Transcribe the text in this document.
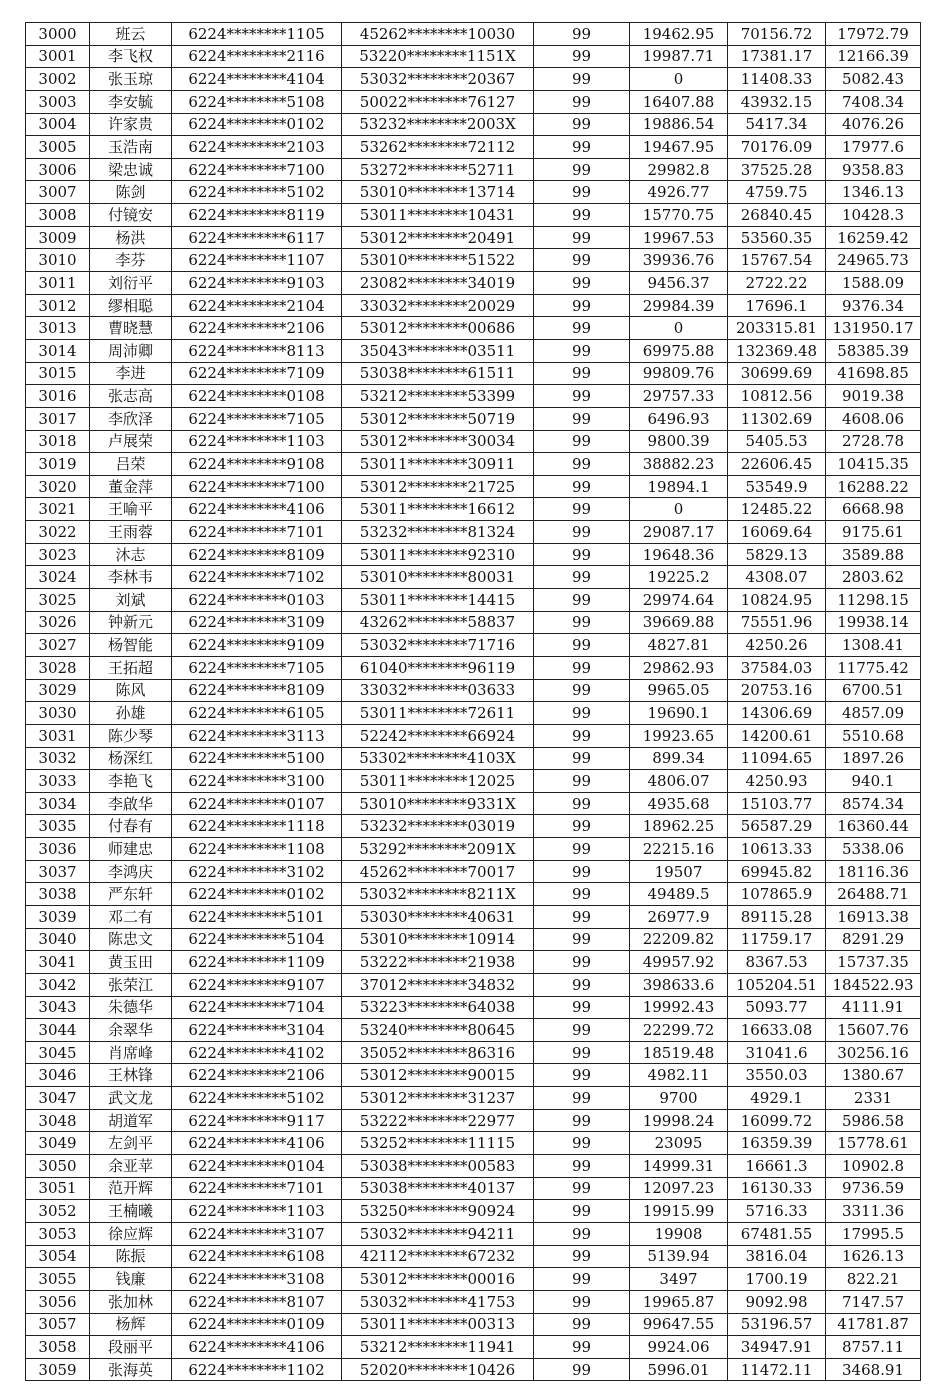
3000	班云	6224********1105	45262********10030	99	19462.95	70156.72	17972.79
3001	李飞权	6224********2116	53220********1151X	99	19987.71	17381.17	12166.39
3002	张玉琼	6224********4104	53032********20367	99	0	11408.33	5082.43
3003	李安毓	6224********5108	50022********76127	99	16407.88	43932.15	7408.34
3004	许家贵	6224********0102	53232********2003X	99	19886.54	5417.34	4076.26
3005	玉浩南	6224********2103	53262********72112	99	19467.95	70176.09	17977.6
3006	梁忠诚	6224********7100	53272********52711	99	29982.8	37525.28	9358.83
3007	陈剑	6224********5102	53010********13714	99	4926.77	4759.75	1346.13
3008	付镜安	6224********8119	53011********10431	99	15770.75	26840.45	10428.3
3009	杨洪	6224********6117	53012********20491	99	19967.53	53560.35	16259.42
3010	李芬	6224********1107	53010********51522	99	39936.76	15767.54	24965.73
3011	刘衍平	6224********9103	23082********34019	99	9456.37	2722.22	1588.09
3012	缪相聪	6224********2104	33032********20029	99	29984.39	17696.1	9376.34
3013	曹晓慧	6224********2106	53012********00686	99	0	203315.81	131950.17
3014	周沛卿	6224********8113	35043********03511	99	69975.88	132369.48	58385.39
3015	李进	6224********7109	53038********61511	99	99809.76	30699.69	41698.85
3016	张志高	6224********0108	53212********53399	99	29757.33	10812.56	9019.38
3017	李欣泽	6224********7105	53012********50719	99	6496.93	11302.69	4608.06
3018	卢展荣	6224********1103	53012********30034	99	9800.39	5405.53	2728.78
3019	吕荣	6224********9108	53011********30911	99	38882.23	22606.45	10415.35
3020	董金萍	6224********7100	53012********21725	99	19894.1	53549.9	16288.22
3021	王喻平	6224********4106	53011********16612	99	0	12485.22	6668.98
3022	王雨蓉	6224********7101	53232********81324	99	29087.17	16069.64	9175.61
3023	沐志	6224********8109	53011********92310	99	19648.36	5829.13	3589.88
3024	李林韦	6224********7102	53010********80031	99	19225.2	4308.07	2803.62
3025	刘斌	6224********0103	53011********14415	99	29974.64	10824.95	11298.15
3026	钟新元	6224********3109	43262********58837	99	39669.88	75551.96	19938.14
3027	杨智能	6224********9109	53032********71716	99	4827.81	4250.26	1308.41
3028	王拓超	6224********7105	61040********96119	99	29862.93	37584.03	11775.42
3029	陈风	6224********8109	33032********03633	99	9965.05	20753.16	6700.51
3030	孙雄	6224********6105	53011********72611	99	19690.1	14306.69	4857.09
3031	陈少琴	6224********3113	52242********66924	99	19923.65	14200.61	5510.68
3032	杨深红	6224********5100	53302********4103X	99	899.34	11094.65	1897.26
3033	李艳飞	6224********3100	53011********12025	99	4806.07	4250.93	940.1
3034	李啟华	6224********0107	53010********9331X	99	4935.68	15103.77	8574.34
3035	付春有	6224********1118	53232********03019	99	18962.25	56587.29	16360.44
3036	师建忠	6224********1108	53292********2091X	99	22215.16	10613.33	5338.06
3037	李鸿庆	6224********3102	45262********70017	99	19507	69945.82	18116.36
3038	严东轩	6224********0102	53032********8211X	99	49489.5	107865.9	26488.71
3039	邓二有	6224********5101	53030********40631	99	26977.9	89115.28	16913.38
3040	陈忠文	6224********5104	53010********10914	99	22209.82	11759.17	8291.29
3041	黄玉田	6224********1109	53222********21938	99	49957.92	8367.53	15737.35
3042	张荣江	6224********9107	37012********34832	99	398633.6	105204.51	184522.93
3043	朱德华	6224********7104	53223********64038	99	19992.43	5093.77	4111.91
3044	余翠华	6224********3104	53240********80645	99	22299.72	16633.08	15607.76
3045	肖席峰	6224********4102	35052********86316	99	18519.48	31041.6	30256.16
3046	王林锋	6224********2106	53012********90015	99	4982.11	3550.03	1380.67
3047	武文龙	6224********5102	53012********31237	99	9700	4929.1	2331
3048	胡道军	6224********9117	53222********22977	99	19998.24	16099.72	5986.58
3049	左剑平	6224********4106	53252********11115	99	23095	16359.39	15778.61
3050	余亚苹	6224********0104	53038********00583	99	14999.31	16661.3	10902.8
3051	范开辉	6224********7101	53038********40137	99	12097.23	16130.33	9736.59
3052	王楠曦	6224********1103	53250********90924	99	19915.99	5716.33	3311.36
3053	徐应辉	6224********3107	53032********94211	99	19908	67481.55	17995.5
3054	陈振	6224********6108	42112********67232	99	5139.94	3816.04	1626.13
3055	钱廉	6224********3108	53012********00016	99	3497	1700.19	822.21
3056	张加林	6224********8107	53032********41753	99	19965.87	9092.98	7147.57
3057	杨辉	6224********0109	53011********00313	99	99647.55	53196.57	41781.87
3058	段丽平	6224********4106	53212********11941	99	9924.06	34947.91	8757.11
3059	张海英	6224********1102	52020********10426	99	5996.01	11472.11	3468.91
